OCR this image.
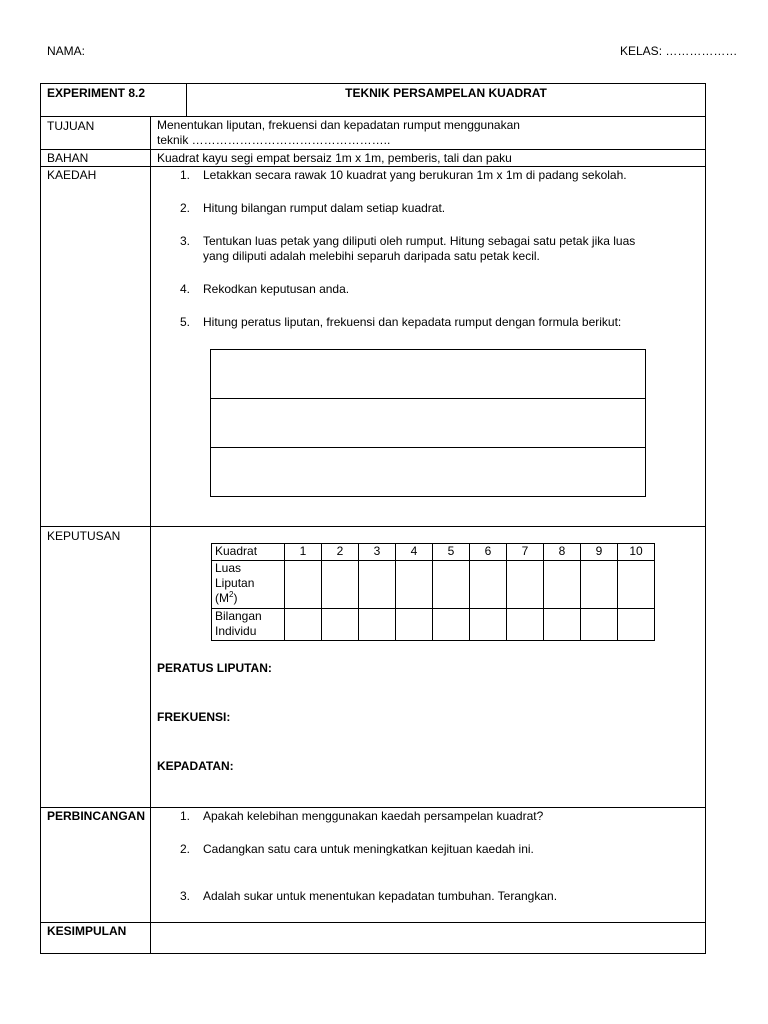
NAMA:	KELAS: ………………
EXPERIMENT 8.2	TEKNIK PERSAMPELAN KUADRAT
TUJUAN	Menentukan liputan, frekuensi dan kepadatan rumput menggunakan
teknik …………………………………………..
BAHAN	Kuadrat kayu segi empat bersaiz 1m x 1m, pemberis, tali dan paku
KAEDAH	1. Letakkan secara rawak 10 kuadrat yang berukuran 1m x 1m di padang sekolah.
2. Hitung bilangan rumput dalam setiap kuadrat.
3. Tentukan luas petak yang diliputi oleh rumput. Hitung sebagai satu petak jika luas
yang diliputi adalah melebihi separuh daripada satu petak kecil.
4. Rekodkan keputusan anda.
5. Hitung peratus liputan, frekuensi dan kepadata rumput dengan formula berikut:
KEPUTUSAN
Kuadrat	1	2	3	4	5	6	7	8	9	10

Luas
Liputan
$(M^2)$										

Bilangan
Individu										

PERATUS LIPUTAN:
FREKUENSI:
KEPADATAN:
PERBINCANGAN	1. Apakah kelebihan menggunakan kaedah persampelan kuadrat?
2. Cadangkan satu cara untuk meningkatkan kejituan kaedah ini.
3. Adalah sukar untuk menentukan kepadatan tumbuhan. Terangkan.
KESIMPULAN
